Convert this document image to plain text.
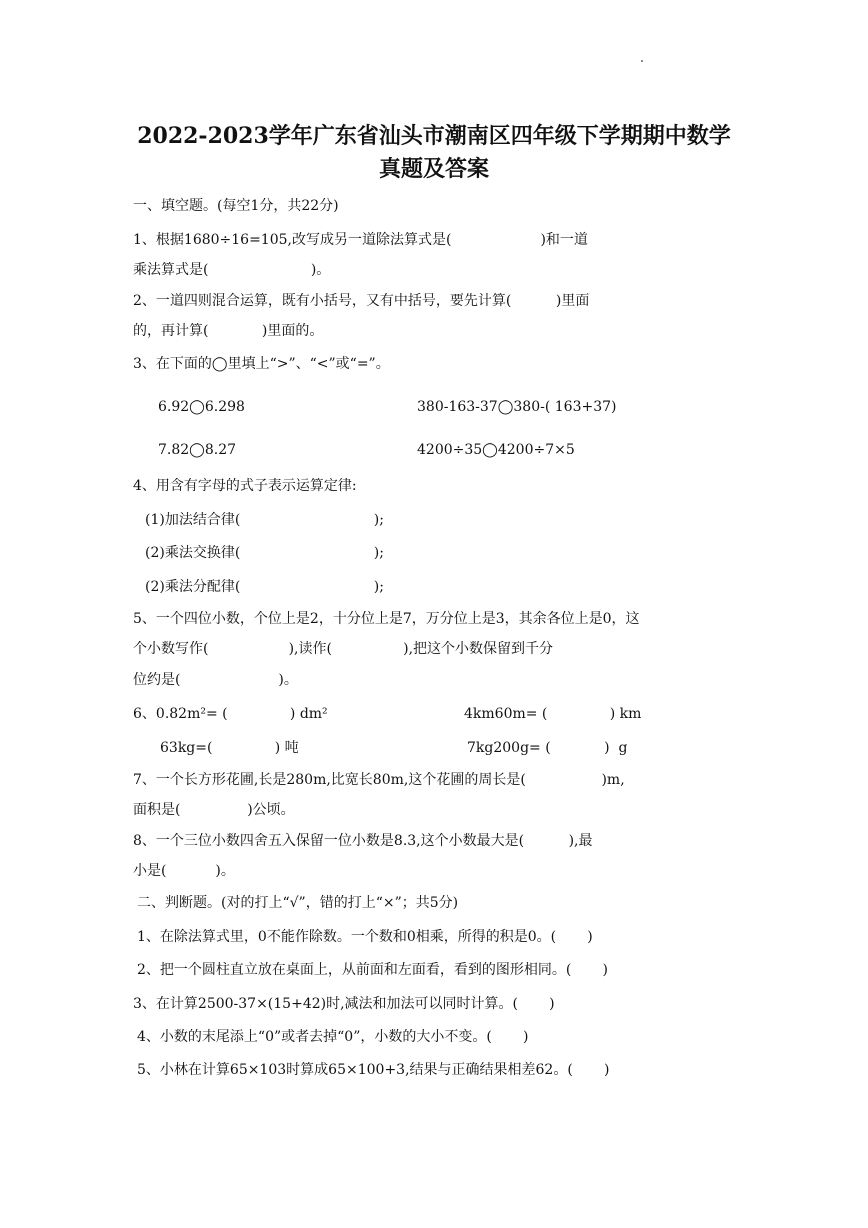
2022-2023学年广东省汕头市潮南区四年级下学期期中数学
真题及答案
一、填空题。(每空1分，共22分)
1、根据1680÷16=105,改写成另一道除法算式是(                    )和一道
乘法算式是(                       )。
2、一道四则混合运算，既有小括号，又有中括号，要先计算(          )里面
的，再计算(            )里面的。
3、在下面的◯里填上“>”、“<”或“=”。
6.92◯6.298	380-163-37◯380-( 163+37)
7.82◯8.27	4200÷35◯4200÷7×5
4、用含有字母的式子表示运算定律:
(1)加法结合律(                              );
(2)乘法交换律(                              );
(2)乘法分配律(                              );
5、一个四位小数，个位上是2，十分位上是7，万分位上是3，其余各位上是0，这
个小数写作(                  ),读作(                ),把这个小数保留到千分
位约是(                      )。
6、0.82m²= (              ) dm²	4km60m= (              ) km
63kg=(              ) 吨	7kg200g= (            )  g
7、一个长方形花圃,长是280m,比宽长80m,这个花圃的周长是(                 )m,
面积是(               )公顷。
8、一个三位小数四舍五入保留一位小数是8.3,这个小数最大是(          ),最
小是(           )。
二、判断题。(对的打上“√”，错的打上“×”；共5分)
1、在除法算式里，0不能作除数。一个数和0相乘，所得的积是0。(       )
2、把一个圆柱直立放在桌面上，从前面和左面看，看到的图形相同。(       )
3、在计算2500-37×(15+42)时,减法和加法可以同时计算。(       )
4、小数的末尾添上“0”或者去掉“0”，小数的大小不变。(       )
5、小林在计算65×103时算成65×100+3,结果与正确结果相差62。(       )
